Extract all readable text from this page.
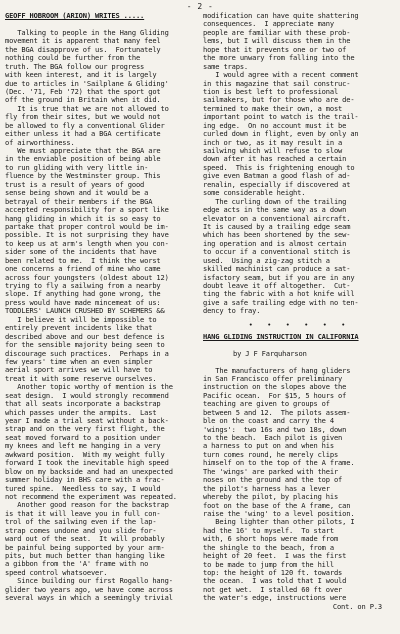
- 2 -
GEOFF HOBROOM (ARION) WRITES .....
Talking to people in the Hang Gliding
movement it is apparent that many feel
the BGA disapprove of us.  Fortunately
nothing could be further from the
truth. The BGA follow our progress
with keen interest, and it is largely
due to articles in 'Sailplane & Gliding'
(Dec. '71, Feb '72) that the sport got
off the ground in Britain when it did.
It is true that we are not allowed to
fly from their sites, but we would not
be allowed to fly a conventional Glider
either unless it had a BGA certificate
of airworthiness.
We must appreciate that the BGA are
in the enviable position of being able
to run gliding with very little in-
fluence by the Westminster group. This
trust is a result of years of good
sense being shown and it would be a
betrayal of their members if the BGA
accepted responsibility for a sport like
hang gliding in which it is so easy to
partake that proper control would be im-
possible. It is not surprising they have
to keep us at arm's length when you con-
sider some of the incidents that have
been related to me.  I think the worst
one concerns a friend of mine who came
across four youngsters (oldest about 12)
trying to fly a sailwing from a nearby
slope. If anything had gone wrong, the
press would have made mincemeat of us:
TODDLERS' LAUNCH CRUSHED BY SCHEMERS &&
I believe it will be impossible to
entirely prevent incidents like that
described above and our best defence is
for the sensible majority being seen to
discourage such practices.  Perhaps in a
few years' time when an even simpler
aerial sport arrives we will have to
treat it with some reserve ourselves.
Another topic worthy of mention is the
seat design.  I would strongly recommend
that all seats incorporate a backstrap
which passes under the armpits.  Last
year I made a trial seat without a back-
strap and on the very first flight, the
seat moved forward to a position under
my knees and left me hanging in a very
awkward position.  With my weight fully
forward I took the inevitable high speed
blow on my backside and had an unexpected
summer holiday in BHS care with a frac-
tured spine.  Needless to say, I would
not recommend the experiment was repeated.
Another good reason for the backstrap
is that it will leave you in full con-
trol of the sailwing even if the lap-
strap comes undone and you slide for-
ward out of the seat.  It will probably
be painful being supported by your arm-
pits, but much better than hanging like
a gibbon from the 'A' frame with no
speed control whatsoever.
Since building our first Rogallo hang-
glider two years ago, we have come across
several ways in which a seemingly trivial
modification can have quite shattering
consequences.  I appreciate many
people are familiar with these prob-
lems, but I will discuss them in the
hope that it prevents one or two of
the more unwary from falling into the
same traps.
I would agree with a recent comment
in this magazine that sail construc-
tion is best left to professional
sailmakers, but for those who are de-
termined to make their own, a most
important point to watch is the trail-
ing edge.  On no account must it be
curled down in flight, even by only an
inch or two, as it may result in a
sailwing which will refuse to slow
down after it has reached a certain
speed.  This is frightening enough to
give even Batman a good flash of ad-
renalin, especially if discovered at
some considerable height.
The curling down of the trailing
edge acts in the same way as a down
elevator on a conventional aircraft.
It is caused by a trailing edge seam
which has been shortened by the sew-
ing operation and is almost certain
to occur if a conventional stitch is
used.  Using a zig-zag stitch a
skilled machinist can produce a sat-
isfactory seam, but if you are in any
doubt leave it off altogether.  Cut-
ting the fabric with a hot knife will
give a safe trailing edge with no ten-
dency to fray.
• • • • • •
HANG GLIDING INSTRUCTION IN CALIFORNIA
by J F Farquharson
The manufacturers of hang gliders
in San Francisco offer preliminary
instruction on the slopes above the
Pacific ocean.  For $15, 5 hours of
teaching are given to groups of
between 5 and 12.  The pilots assem-
ble on the coast and carry the 4
'wings':  two 16s and two 18s, down
to the beach.  Each pilot is given
a harness to put on and when his
turn comes round, he merely clips
himself on to the top of the A frame.
The 'wings' are parked with their
noses on the ground and the top of
the pilot's harness has a lever
whereby the pilot, by placing his
foot on the base of the A frame, can
raise the 'wing' to a level position.
Being lighter than other pilots, I
had the 16' to myself.  To start
with, 6 short hops were made from
the shingle to the beach, from a
height of 20 feet.  I was the first
to be made to jump from the hill
top: the height of 120 ft. towards
the ocean.  I was told that I would
not get wet.  I stalled 60 ft over
the water's edge, instructions were
Cont. on P.3
